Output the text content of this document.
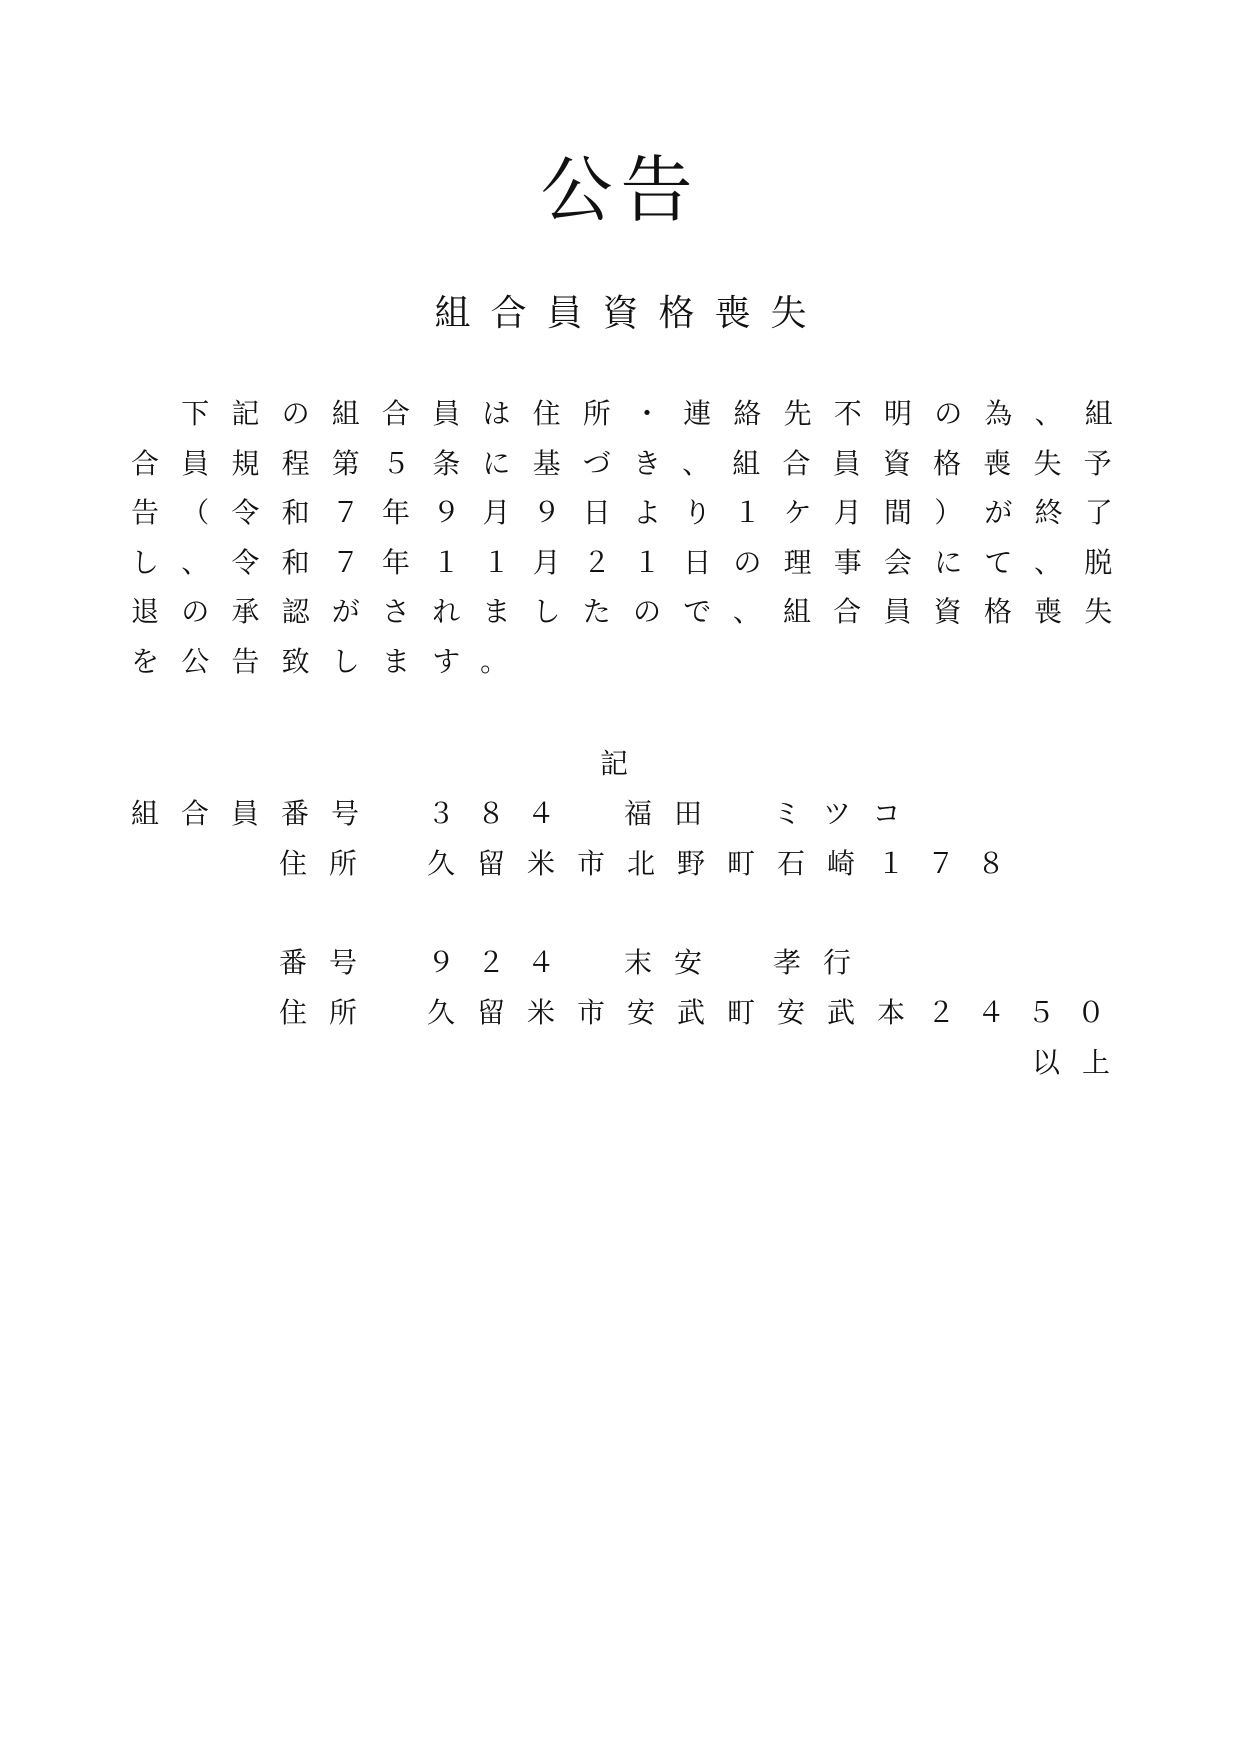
公告
組合員資格喪失
　下記の組合員は住所・連絡先不明の為、組
合員規程第５条に基づき、組合員資格喪失予
告（令和７年９月９日より１ケ月間）が終了
し、令和７年１１月２１日の理事会にて、脱
退の承認がされましたので、組合員資格喪失
を公告致します。
記
組合員番号 ３８４ 福田 ミツコ
住所 久留米市北野町石崎１７８
番号 ９２４ 末安 孝行
住所 久留米市安武町安武本２４５０
以上
